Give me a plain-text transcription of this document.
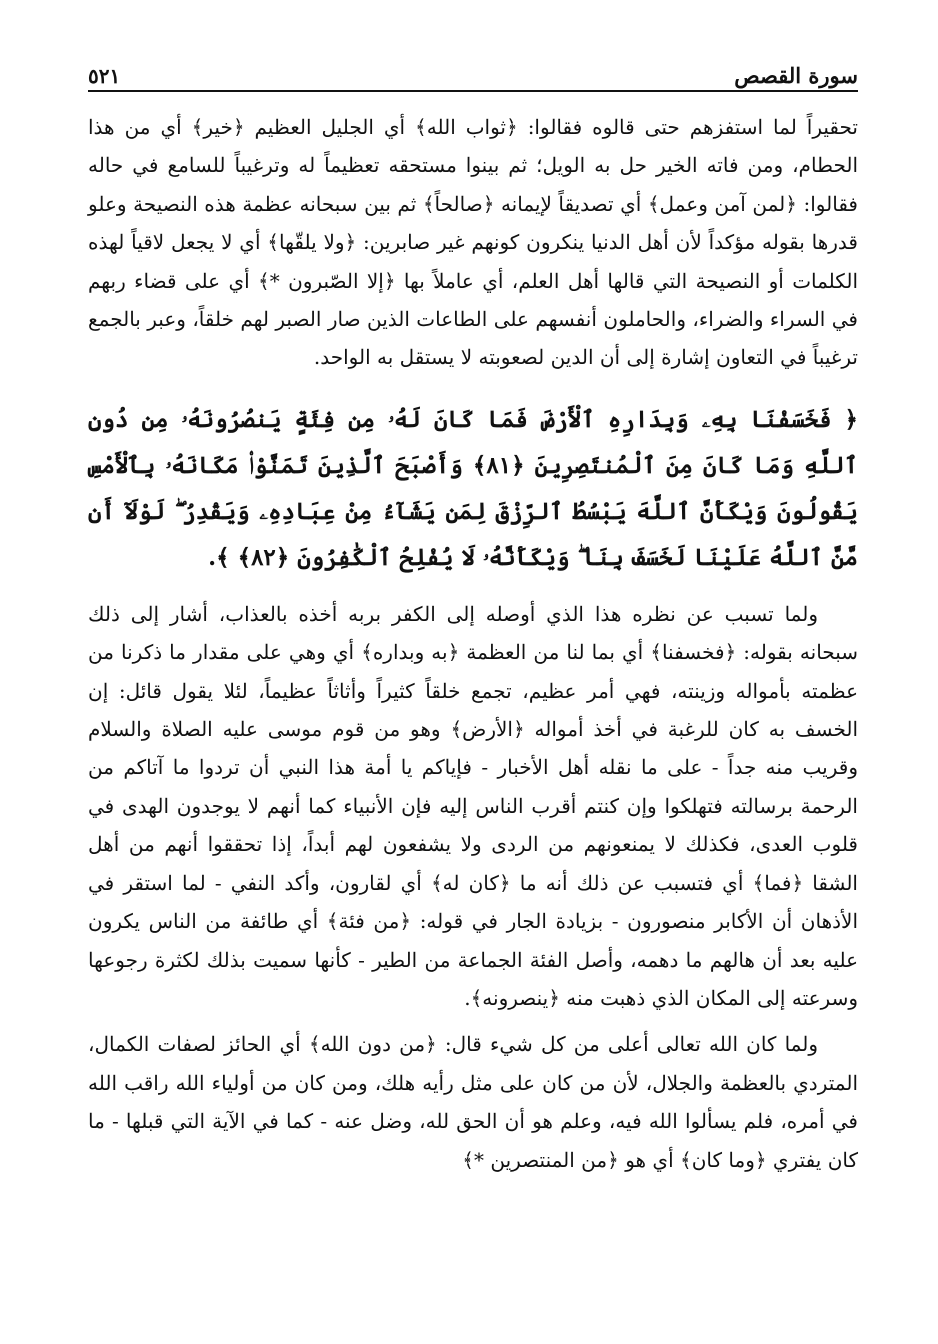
سورة القصص
٥٢١

تحقيراً لما استفزهم حتى قالوه فقالوا: ﴿ثواب الله﴾ أي الجليل العظيم ﴿خير﴾ أي من هذا الحطام، ومن فاته الخير حل به الويل؛ ثم بينوا مستحقه تعظيماً له وترغيباً للسامع في حاله فقالوا: ﴿لمن آمن وعمل﴾ أي تصديقاً لإيمانه ﴿صالحاً﴾ ثم بين سبحانه عظمة هذه النصيحة وعلو قدرها بقوله مؤكداً لأن أهل الدنيا ينكرون كونهم غير صابرين: ﴿ولا يلقّها﴾ أي لا يجعل لاقياً لهذه الكلمات أو النصيحة التي قالها أهل العلم، أي عاملاً بها ﴿إلا الصّبرون *﴾ أي على قضاء ربهم في السراء والضراء، والحاملون أنفسهم على الطاعات الذين صار الصبر لهم خلقاً، وعبر بالجمع ترغيباً في التعاون إشارة إلى أن الدين لصعوبته لا يستقل به الواحد.

﴿ فَخَسَفْنَا بِهِۦ وَبِدَارِهِ ٱلْأَرْضَ فَمَا كَانَ لَهُۥ مِن فِئَةٍ يَنصُرُونَهُۥ مِن دُونِ ٱللَّهِ وَمَا كَانَ مِنَ ٱلْمُنتَصِرِينَ ﴿٨١﴾ وَأَصْبَحَ ٱلَّذِينَ تَمَنَّوْا۟ مَكَانَهُۥ بِٱلْأَمْسِ يَقُولُونَ وَيْكَأَنَّ ٱللَّهَ يَبْسُطُ ٱلرِّزْقَ لِمَن يَشَآءُ مِنْ عِبَادِهِۦ وَيَقْدِرُ ۖ لَوْلَآ أَن مَّنَّ ٱللَّهُ عَلَيْنَا لَخَسَفَ بِنَا ۖ وَيْكَأَنَّهُۥ لَا يُفْلِحُ ٱلْكَٰفِرُونَ ﴿٨٢﴾ ﴾.

ولما تسبب عن نظره هذا الذي أوصله إلى الكفر بربه أخذه بالعذاب، أشار إلى ذلك سبحانه بقوله: ﴿فخسفنا﴾ أي بما لنا من العظمة ﴿به وبداره﴾ أي وهي على مقدار ما ذكرنا من عظمته بأمواله وزينته، فهي أمر عظيم، تجمع خلقاً كثيراً وأثاثاً عظيماً، لئلا يقول قائل: إن الخسف به كان للرغبة في أخذ أمواله ﴿الأرض﴾ وهو من قوم موسى عليه الصلاة والسلام وقريب منه جداً - على ما نقله أهل الأخبار - فإياكم يا أمة هذا النبي أن تردوا ما آتاكم من الرحمة برسالته فتهلكوا وإن كنتم أقرب الناس إليه فإن الأنبياء كما أنهم لا يوجدون الهدى في قلوب العدى، فكذلك لا يمنعونهم من الردى ولا يشفعون لهم أبداً، إذا تحققوا أنهم من أهل الشقا ﴿فما﴾ أي فتسبب عن ذلك أنه ما ﴿كان له﴾ أي لقارون، وأكد النفي - لما استقر في الأذهان أن الأكابر منصورون - بزيادة الجار في قوله: ﴿من فئة﴾ أي طائفة من الناس يكرون عليه بعد أن هالهم ما دهمه، وأصل الفئة الجماعة من الطير - كأنها سميت بذلك لكثرة رجوعها وسرعته إلى المكان الذي ذهبت منه ﴿ينصرونه﴾.

ولما كان الله تعالى أعلى من كل شيء قال: ﴿من دون الله﴾ أي الحائز لصفات الكمال، المتردي بالعظمة والجلال، لأن من كان على مثل رأيه هلك، ومن كان من أولياء الله راقب الله في أمره، فلم يسألوا الله فيه، وعلم هو أن الحق لله، وضل عنه - كما في الآية التي قبلها - ما كان يفتري ﴿وما كان﴾ أي هو ﴿من المنتصرين *﴾
